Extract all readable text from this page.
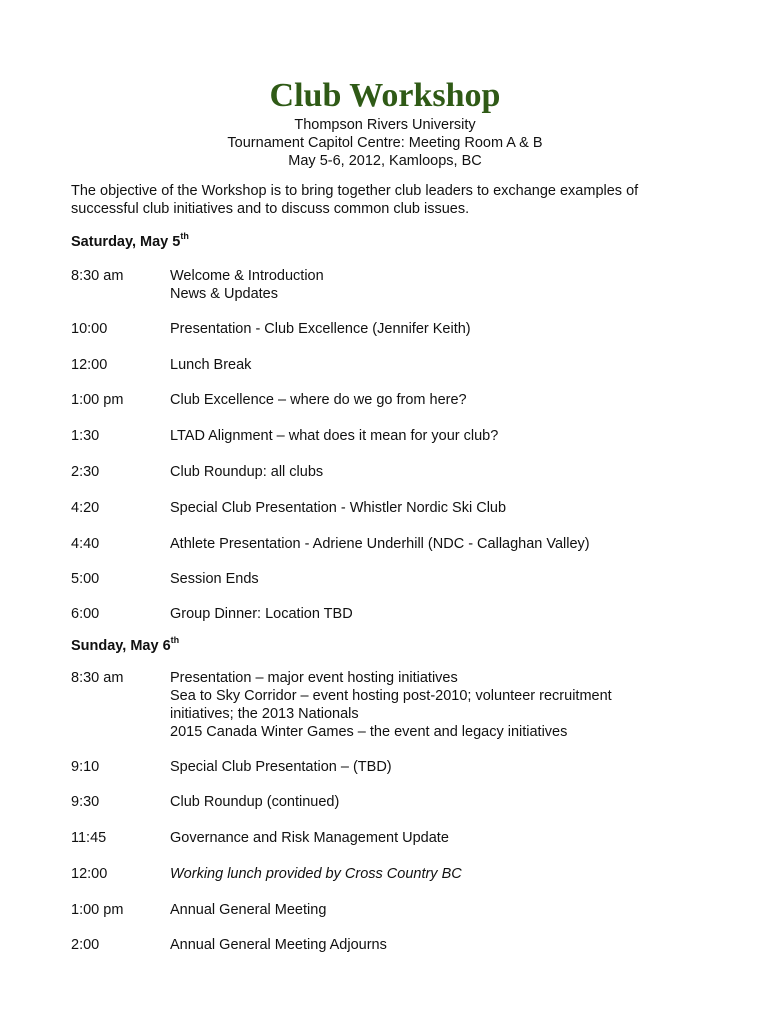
Club Workshop
Thompson Rivers University
Tournament Capitol Centre: Meeting Room A & B
May 5-6, 2012, Kamloops, BC
The objective of the Workshop is to bring together club leaders to exchange examples of successful club initiatives and to discuss common club issues.
Saturday, May 5th
8:30 am	Welcome & Introduction
News & Updates
10:00	Presentation - Club Excellence (Jennifer Keith)
12:00	Lunch Break
1:00 pm	Club Excellence – where do we go from here?
1:30	LTAD Alignment – what does it mean for your club?
2:30	Club Roundup: all clubs
4:20	Special Club Presentation - Whistler Nordic Ski Club
4:40	Athlete Presentation - Adriene Underhill (NDC - Callaghan Valley)
5:00	Session Ends
6:00	Group Dinner: Location TBD
Sunday, May 6th
8:30 am	Presentation – major event hosting initiatives
Sea to Sky Corridor – event hosting post-2010; volunteer recruitment
initiatives; the 2013 Nationals
2015 Canada Winter Games – the event and legacy initiatives
9:10	Special Club Presentation – (TBD)
9:30	Club Roundup (continued)
11:45	Governance and Risk Management Update
12:00	Working lunch provided by Cross Country BC
1:00 pm	Annual General Meeting
2:00	Annual General Meeting Adjourns
